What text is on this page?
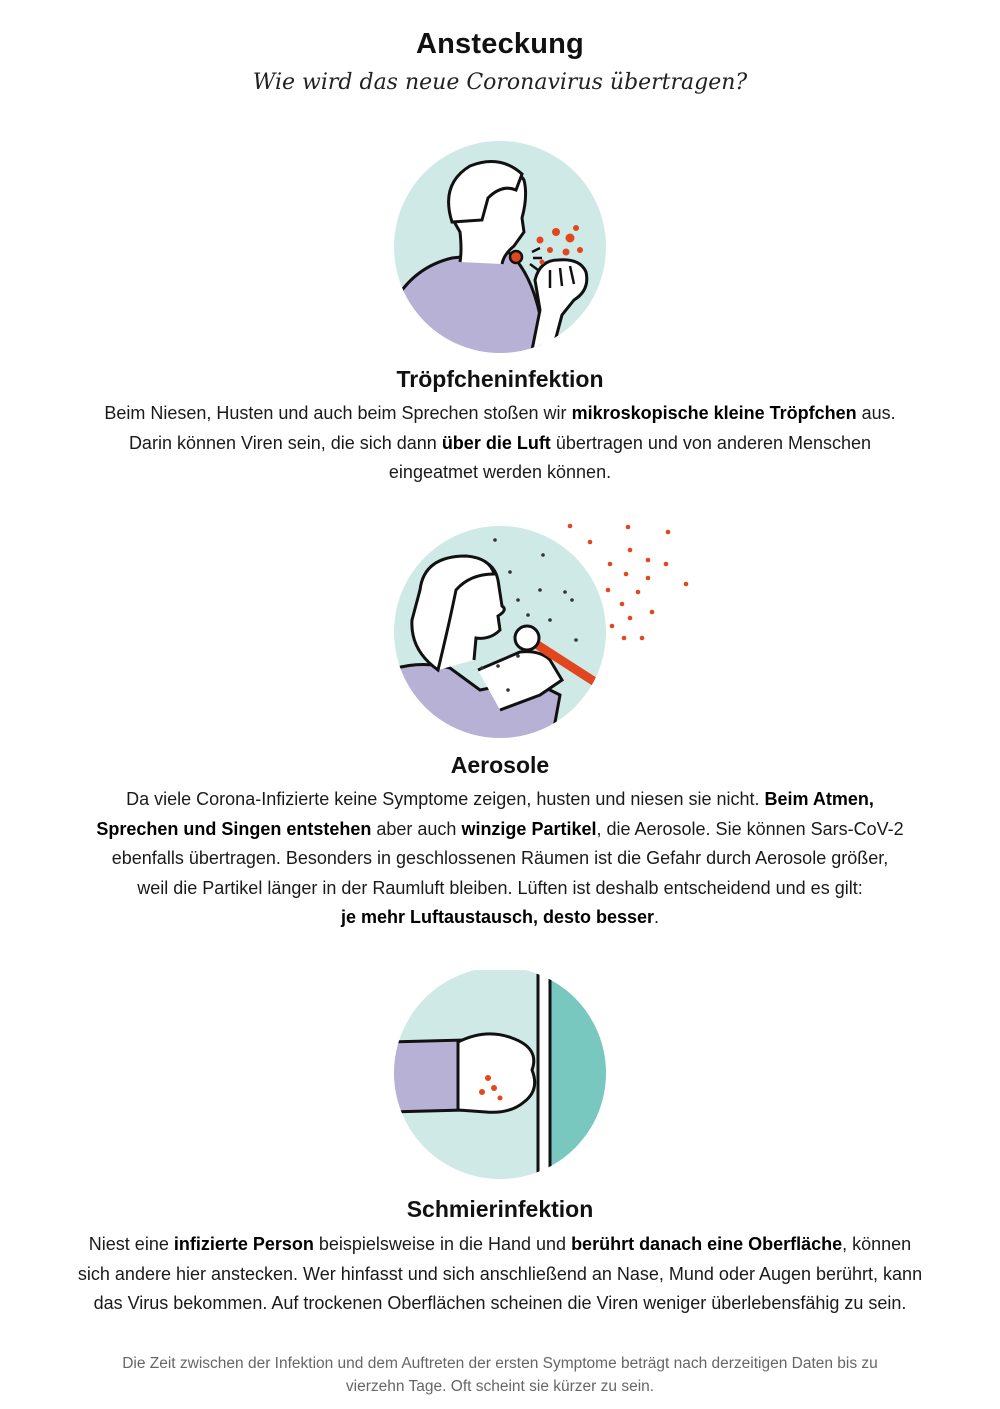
Ansteckung
Wie wird das neue Coronavirus übertragen?
Tröpfcheninfektion
Beim Niesen, Husten und auch beim Sprechen stoßen wir mikroskopische kleine Tröpfchen aus.
Darin können Viren sein, die sich dann über die Luft übertragen und von anderen Menschen
eingeatmet werden können.
Aerosole
Da viele Corona-Infizierte keine Symptome zeigen, husten und niesen sie nicht. Beim Atmen,
Sprechen und Singen entstehen aber auch winzige Partikel, die Aerosole. Sie können Sars-CoV-2
ebenfalls übertragen. Besonders in geschlossenen Räumen ist die Gefahr durch Aerosole größer,
weil die Partikel länger in der Raumluft bleiben. Lüften ist deshalb entscheidend und es gilt:
je mehr Luftaustausch, desto besser.
Schmierinfektion
Niest eine infizierte Person beispielsweise in die Hand und berührt danach eine Oberfläche, können
sich andere hier anstecken. Wer hinfasst und sich anschließend an Nase, Mund oder Augen berührt, kann
das Virus bekommen. Auf trockenen Oberflächen scheinen die Viren weniger überlebensfähig zu sein.
Die Zeit zwischen der Infektion und dem Auftreten der ersten Symptome beträgt nach derzeitigen Daten bis zu
vierzehn Tage. Oft scheint sie kürzer zu sein.
